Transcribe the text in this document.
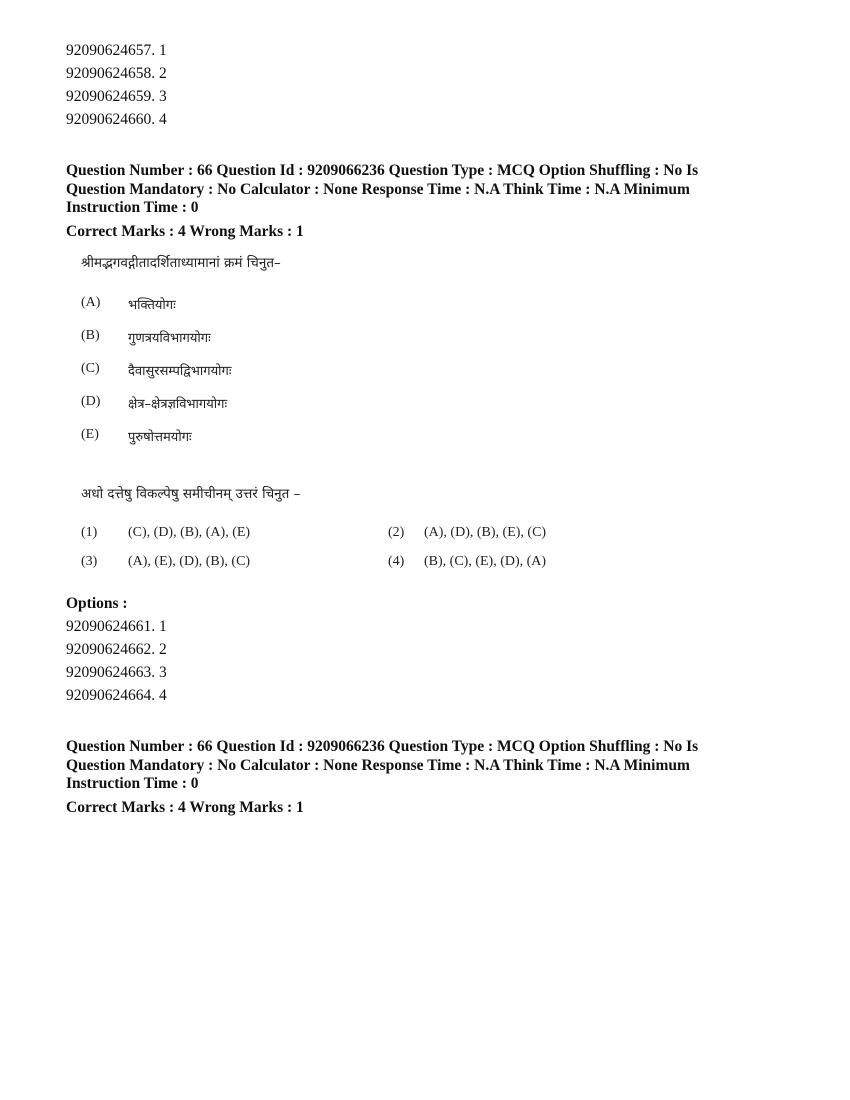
92090624657. 1
92090624658. 2
92090624659. 3
92090624660. 4
Question Number : 66 Question Id : 9209066236 Question Type : MCQ Option Shuffling : No Is
Question Mandatory : No Calculator : None Response Time : N.A Think Time : N.A Minimum
Instruction Time : 0
Correct Marks : 4 Wrong Marks : 1
श्रीमद्भगवद्गीतादर्शिताध्यामानां क्रमं चिनुत–
(A) भक्तियोगः
(B) गुणत्रयविभागयोगः
(C) दैवासुरसम्पद्विभागयोगः
(D) क्षेत्र–क्षेत्रज्ञविभागयोगः
(E) पुरुषोत्तमयोगः
अधो दत्तेषु विकल्पेषु समीचीनम् उत्तरं चिनुत –
(1) (C), (D), (B), (A), (E)	(2) (A), (D), (B), (E), (C)
(3) (A), (E), (D), (B), (C)	(4) (B), (C), (E), (D), (A)
Options :
92090624661. 1
92090624662. 2
92090624663. 3
92090624664. 4
Question Number : 66 Question Id : 9209066236 Question Type : MCQ Option Shuffling : No Is
Question Mandatory : No Calculator : None Response Time : N.A Think Time : N.A Minimum
Instruction Time : 0
Correct Marks : 4 Wrong Marks : 1
